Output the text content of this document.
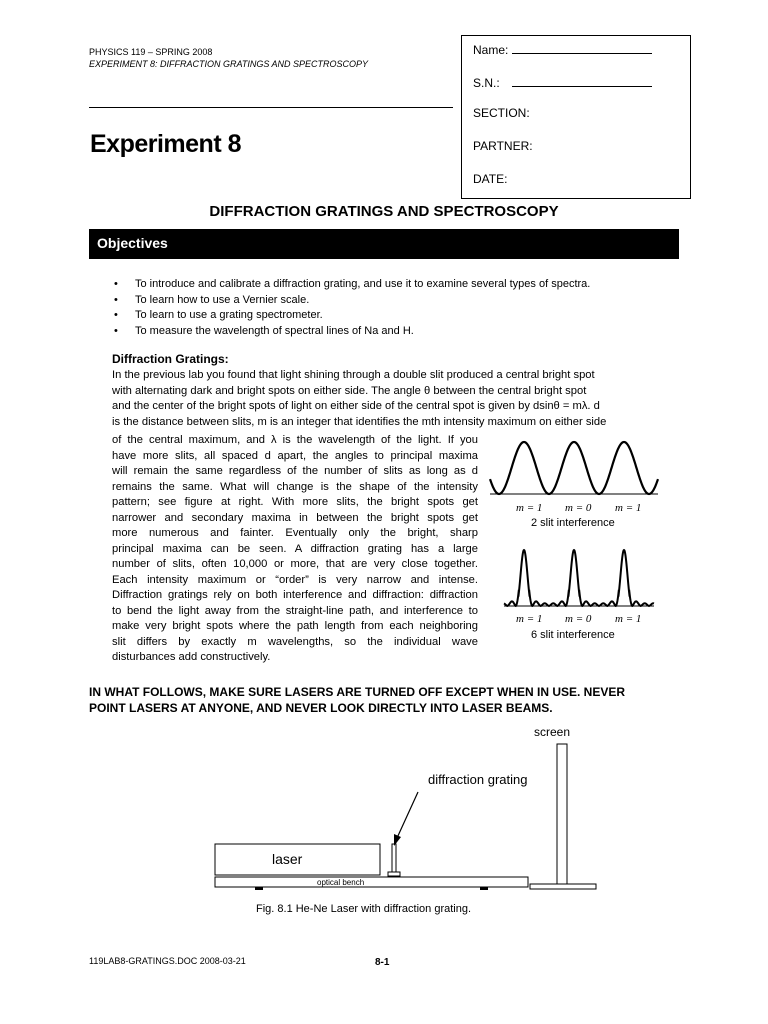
PHYSICS 119 – SPRING 2008
EXPERIMENT 8: DIFFRACTION GRATINGS AND SPECTROSCOPY
Experiment 8
Name:
S.N.:
SECTION:
PARTNER:
DATE:
DIFFRACTION GRATINGS AND SPECTROSCOPY
Objectives
• To introduce and calibrate a diffraction grating, and use it to examine several types of spectra.
• To learn how to use a Vernier scale.
• To learn to use a grating spectrometer.
• To measure the wavelength of spectral lines of Na and H.
Diffraction Gratings:
In the previous lab you found that light shining through a double slit produced a central bright spot
with alternating dark and bright spots on either side. The angle θ between the central bright spot
and the center of the bright spots of light on either side of the central spot is given by dsinθ = mλ. d
is the distance between slits, m is an integer that identifies the mth intensity maximum on either side
of the central maximum, and λ is the wavelength of the light. If you
have more slits, all spaced d apart, the angles to principal maxima
will remain the same regardless of the number of slits as long as d
remains the same. What will change is the shape of the intensity
pattern; see figure at right. With more slits, the bright spots get
narrower and secondary maxima in between the bright spots get
more numerous and fainter. Eventually only the bright, sharp
principal maxima can be seen. A diffraction grating has a large
number of slits, often 10,000 or more, that are very close together.
Each intensity maximum or “order” is very narrow and intense.
Diffraction gratings rely on both interference and diffraction: diffraction
to bend the light away from the straight-line path, and interference to
make very bright spots where the path length from each neighboring
slit differs by exactly m wavelengths, so the individual wave
disturbances add constructively.
m = 1 m = 0 m = 1
2 slit interference
m = 1 m = 0 m = 1
6 slit interference
IN WHAT FOLLOWS, MAKE SURE LASERS ARE TURNED OFF EXCEPT WHEN IN USE. NEVER
POINT LASERS AT ANYONE, AND NEVER LOOK DIRECTLY INTO LASER BEAMS.
optical bench
laser
diffraction grating
screen
Fig. 8.1 He-Ne Laser with diffraction grating.
119LAB8-GRATINGS.DOC 2008-03-21	8-1
